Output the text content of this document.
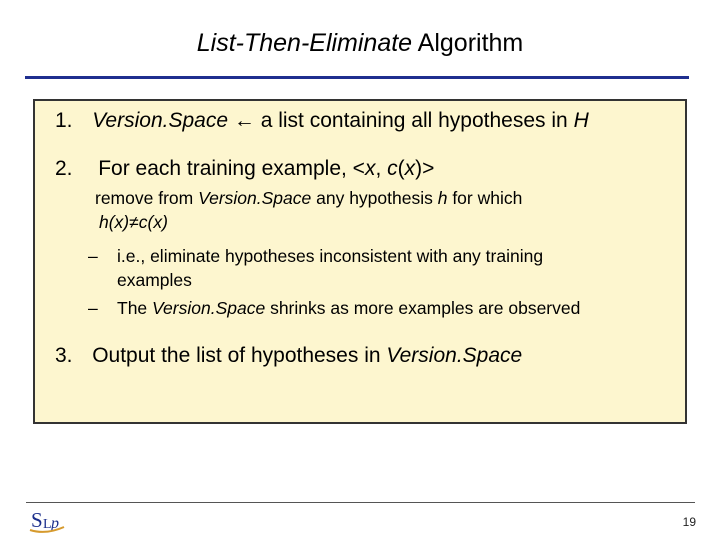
List-Then-Eliminate Algorithm
1. Version.Space ← a list containing all hypotheses in H
2. For each training example, <x, c(x)>
remove from Version.Space any hypothesis h for which
h(x)≠c(x)
– i.e., eliminate hypotheses inconsistent with any training
examples
– The Version.Space shrinks as more examples are observed
3. Output the list of hypotheses in Version.Space
S L p	19
